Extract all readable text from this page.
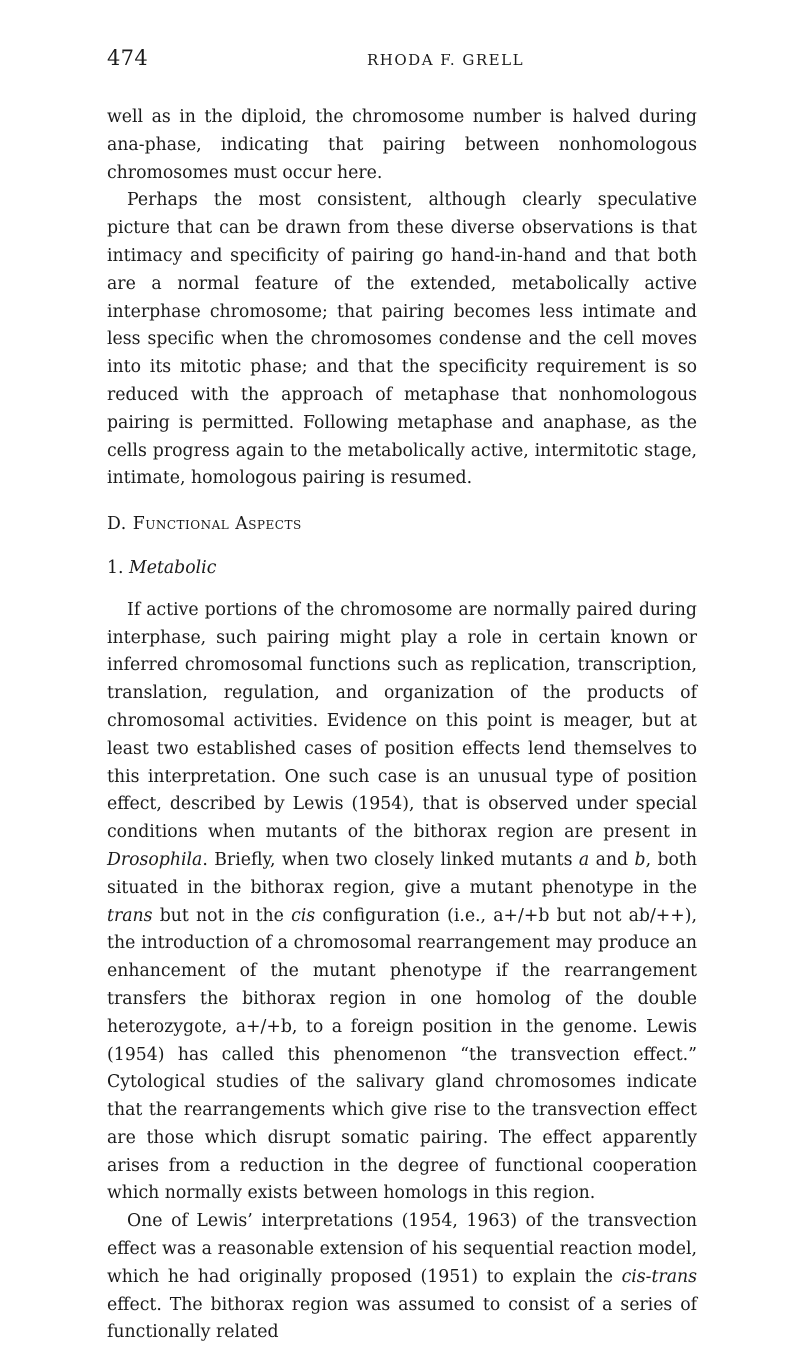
474	RHODA F. GRELL

well as in the diploid, the chromosome number is halved during ana-phase, indicating that pairing between nonhomologous chromosomes must occur here.

Perhaps the most consistent, although clearly speculative picture that can be drawn from these diverse observations is that intimacy and specificity of pairing go hand-in-hand and that both are a normal feature of the extended, metabolically active interphase chromosome; that pairing becomes less intimate and less specific when the chromosomes condense and the cell moves into its mitotic phase; and that the specificity requirement is so reduced with the approach of metaphase that nonhomologous pairing is permitted. Following metaphase and anaphase, as the cells progress again to the metabolically active, intermitotic stage, intimate, homologous pairing is resumed.

D. Functional Aspects

1. Metabolic

If active portions of the chromosome are normally paired during interphase, such pairing might play a role in certain known or inferred chromosomal functions such as replication, transcription, translation, regulation, and organization of the products of chromosomal activities. Evidence on this point is meager, but at least two established cases of position effects lend themselves to this interpretation. One such case is an unusual type of position effect, described by Lewis (1954), that is observed under special conditions when mutants of the bithorax region are present in Drosophila. Briefly, when two closely linked mutants a and b, both situated in the bithorax region, give a mutant phenotype in the trans but not in the cis configuration (i.e., a+/+b but not ab/++), the introduction of a chromosomal rearrangement may produce an enhancement of the mutant phenotype if the rearrangement transfers the bithorax region in one homolog of the double heterozygote, a+/+b, to a foreign position in the genome. Lewis (1954) has called this phenomenon “the transvection effect.” Cytological studies of the salivary gland chromosomes indicate that the rearrangements which give rise to the transvection effect are those which disrupt somatic pairing. The effect apparently arises from a reduction in the degree of functional cooperation which normally exists between homologs in this region.

One of Lewis’ interpretations (1954, 1963) of the transvection effect was a reasonable extension of his sequential reaction model, which he had originally proposed (1951) to explain the cis-trans effect. The bithorax region was assumed to consist of a series of functionally related
